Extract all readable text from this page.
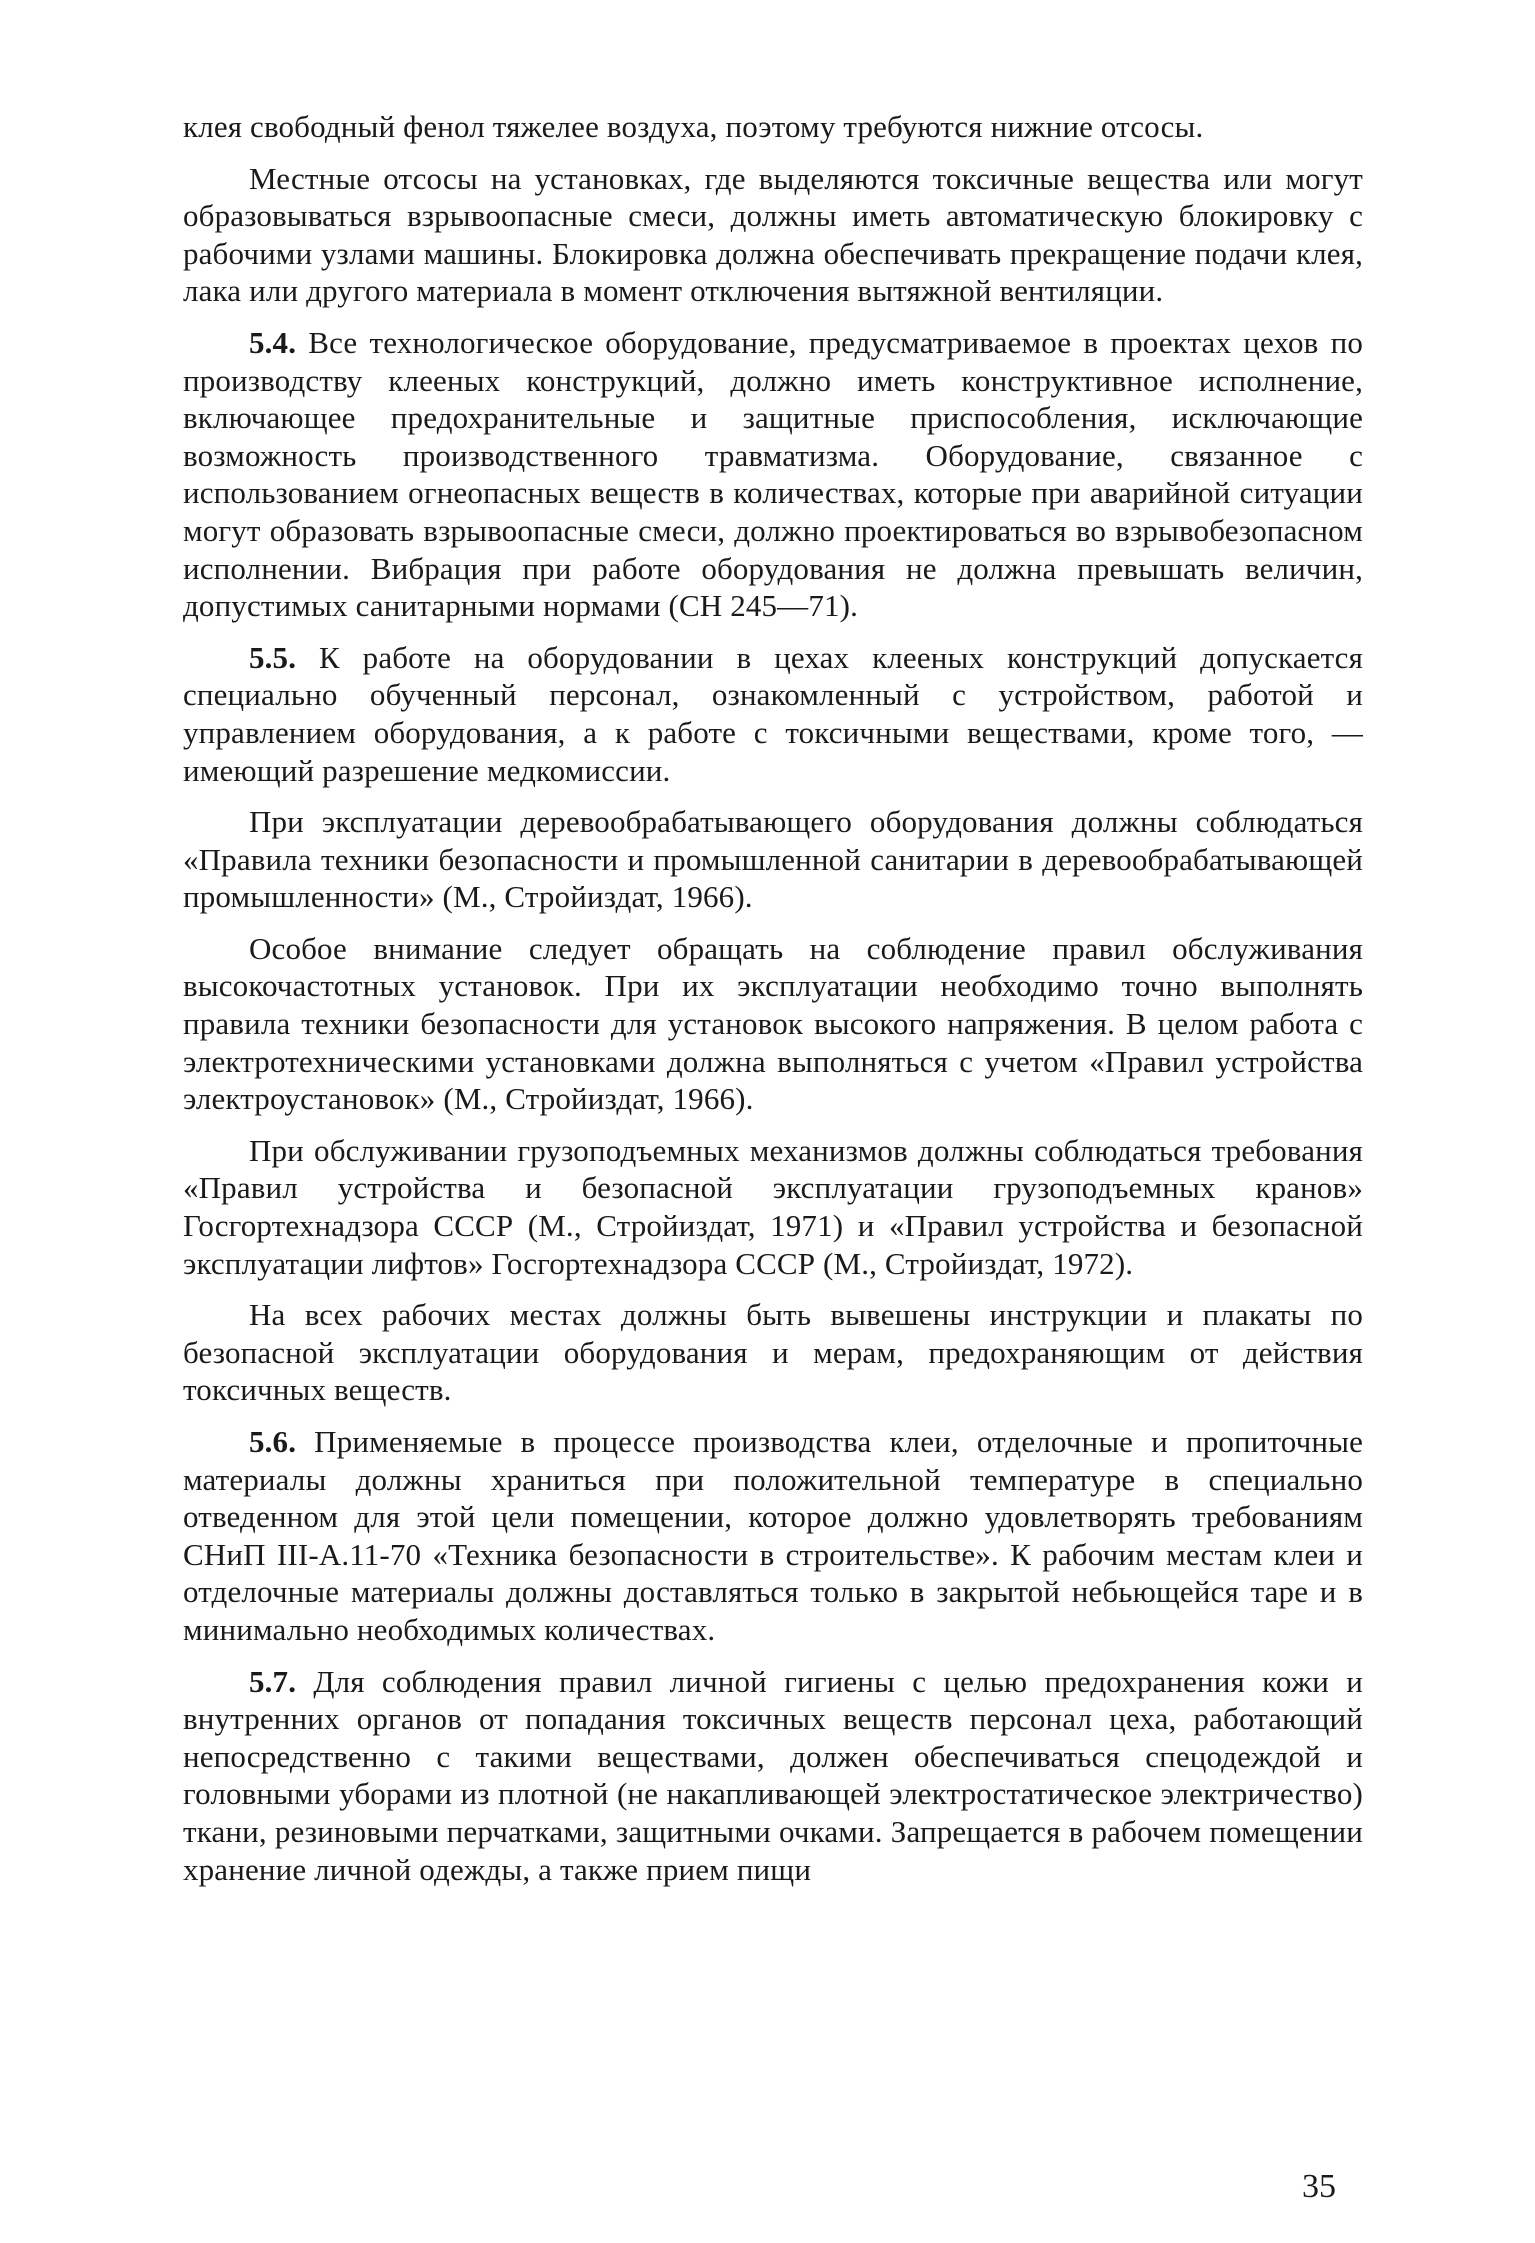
клея свободный фенол тяжелее воздуха, поэтому требуются нижние отсосы.

Местные отсосы на установках, где выделяются токсичные вещества или могут образовываться взрывоопасные смеси, должны иметь автоматическую блокировку с рабочими узлами машины. Блокировка должна обеспечивать прекращение подачи клея, лака или другого материала в момент отключения вытяжной вентиляции.

5.4. Все технологическое оборудование, предусматриваемое в проектах цехов по производству клееных конструкций, должно иметь конструктивное исполнение, включающее предохранительные и защитные приспособления, исключающие возможность производственного травматизма. Оборудование, связанное с использованием огнеопасных веществ в количествах, которые при аварийной ситуации могут образовать взрывоопасные смеси, должно проектироваться во взрывобезопасном исполнении. Вибрация при работе оборудования не должна превышать величин, допустимых санитарными нормами (СН 245—71).

5.5. К работе на оборудовании в цехах клееных конструкций допускается специально обученный персонал, ознакомленный с устройством, работой и управлением оборудования, а к работе с токсичными веществами, кроме того, — имеющий разрешение медкомиссии.

При эксплуатации деревообрабатывающего оборудования должны соблюдаться «Правила техники безопасности и промышленной санитарии в деревообрабатывающей промышленности» (М., Стройиздат, 1966).

Особое внимание следует обращать на соблюдение правил обслуживания высокочастотных установок. При их эксплуатации необходимо точно выполнять правила техники безопасности для установок высокого напряжения. В целом работа с электротехническими установками должна выполняться с учетом «Правил устройства электроустановок» (М., Стройиздат, 1966).

При обслуживании грузоподъемных механизмов должны соблюдаться требования «Правил устройства и безопасной эксплуатации грузоподъемных кранов» Госгортехнадзора СССР (М., Стройиздат, 1971) и «Правил устройства и безопасной эксплуатации лифтов» Госгортехнадзора СССР (М., Стройиздат, 1972).

На всех рабочих местах должны быть вывешены инструкции и плакаты по безопасной эксплуатации оборудования и мерам, предохраняющим от действия токсичных веществ.

5.6. Применяемые в процессе производства клеи, отделочные и пропиточные материалы должны храниться при положительной температуре в специально отведенном для этой цели помещении, которое должно удовлетворять требованиям СНиП III-А.11-70 «Техника безопасности в строительстве». К рабочим местам клеи и отделочные материалы должны доставляться только в закрытой небьющейся таре и в минимально необходимых количествах.

5.7. Для соблюдения правил личной гигиены с целью предохранения кожи и внутренних органов от попадания токсичных веществ персонал цеха, работающий непосредственно с такими веществами, должен обеспечиваться спецодеждой и головными уборами из плотной (не накапливающей электростатическое электричество) ткани, резиновыми перчатками, защитными очками. Запрещается в рабочем помещении хранение личной одежды, а также прием пищи

35
